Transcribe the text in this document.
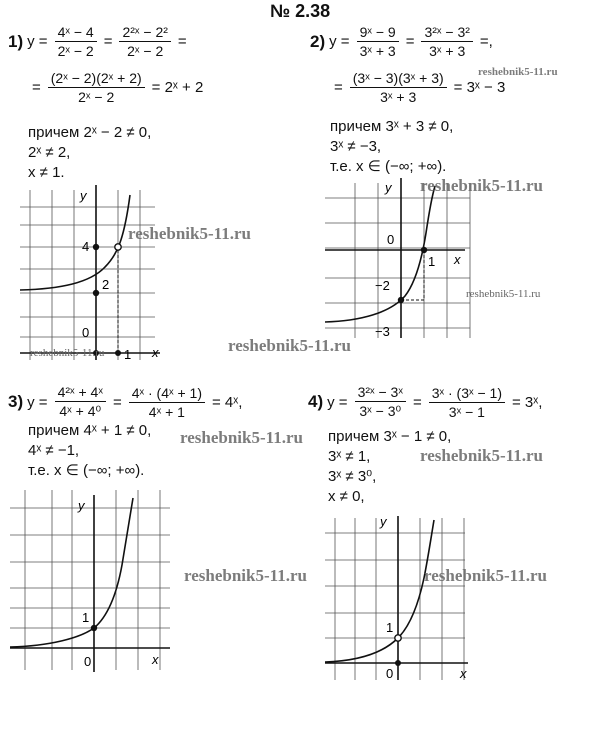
№ 2.38
1) $y = \frac{\text{4ˣ − 4}}{\text{2ˣ − 2}} = \frac{\text{2²ˣ − 2²}}{\text{2ˣ − 2}}$ =
= $\frac{\text{(2ˣ − 2)(2ˣ + 2)}}{\text{2ˣ − 2}}$ = 2ˣ + 2
причем 2ˣ − 2 ≠ 0,
2ˣ ≠ 2,
x ≠ 1.
y
x
4
2
0
1
2) $y = \frac{\text{9ˣ − 9}}{\text{3ˣ + 3}} = \frac{\text{3²ˣ − 3²}}{\text{3ˣ + 3}}$ =,
= $\frac{\text{(3ˣ − 3)(3ˣ + 3)}}{\text{3ˣ + 3}}$ = 3ˣ − 3
причем 3ˣ + 3 ≠ 0,
3ˣ ≠ −3,
т.е. x ∈ (−∞; +∞).
y
x
0
1
−2
−3
3) $y = \frac{\text{4²ˣ + 4ˣ}}{\text{4ˣ + 4⁰}} = \frac{\text{4ˣ · (4ˣ + 1)}}{\text{4ˣ + 1}}$ = 4ˣ,
причем 4ˣ + 1 ≠ 0,
4ˣ ≠ −1,
т.е. x ∈ (−∞; +∞).
y
x
1
0
4) $y = \frac{\text{3²ˣ − 3ˣ}}{\text{3ˣ − 3⁰}} = \frac{\text{3ˣ · (3ˣ − 1)}}{\text{3ˣ − 1}}$ = 3ˣ,
причем 3ˣ − 1 ≠ 0,
3ˣ ≠ 1,
3ˣ ≠ 3⁰,
x ≠ 0,
y
x
1
0
reshebnik5-11.ru
reshebnik5-11.ru
reshebnik5-11.ru
reshebnik5-11.ru
reshebnik5-11.ru
reshebnik5-11.ru
reshebnik5-11.ru
reshebnik5-11.ru
reshebnik5-11.ru	reshebnik5-11.ru
